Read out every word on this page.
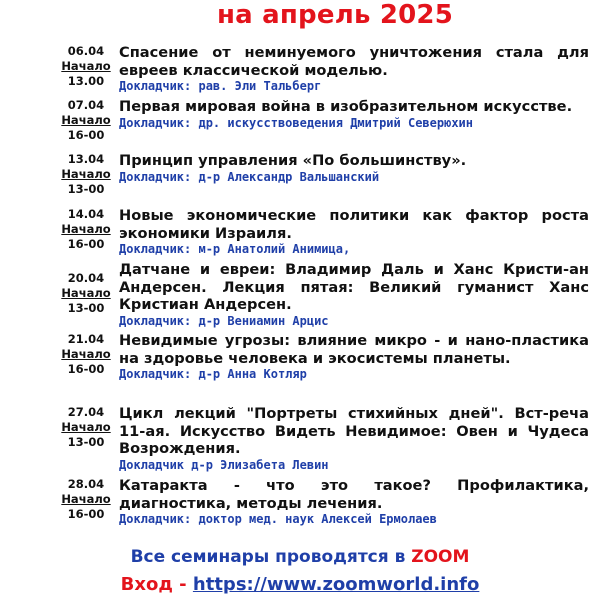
на апрель 2025
06.04
Начало
13.00

Спасение от неминуемого уничтожения стала для евреев классической моделью.

Докладчик: рав. Эли Тальберг

07.04
Начало
16-00

Первая мировая война в изобразительном искусстве.

Докладчик: др. искусствоведения Дмитрий Северюхин

13.04
Начало
13-00

Принцип управления «По большинству».

Докладчик: д-р Александр Вальшанский

14.04
Начало
16-00

Новые экономические политики как фактор роста экономики Израиля.

Докладчик: м-р Анатолий Анимица,

20.04
Начало
13-00

Датчане и евреи: Владимир Даль и Ханс Кристи-ан Андерсен. Лекция пятая: Великий гуманист Ханс Кристиан Андерсен.

Докладчик: д-р Вениамин Арцис

21.04
Начало
16-00

Невидимые угрозы: влияние микро - и нано-пластика на здоровье человека и экосистемы планеты.

Докладчик: д-р Анна Котляр

27.04
Начало
13-00

Цикл лекций "Портреты стихийных дней". Вст-реча 11-ая. Искусство Видеть Невидимое: Овен и Чудеса Возрождения.

Докладчик д-р Элизабета Левин

28.04
Начало
16-00

Катаракта - что это такое? Профилактика, диагностика, методы лечения.

Докладчик: доктор мед. наук Алексей Ермолаев

Все семинары проводятся в ZOOM
Вход - https://www.zoomworld.info
